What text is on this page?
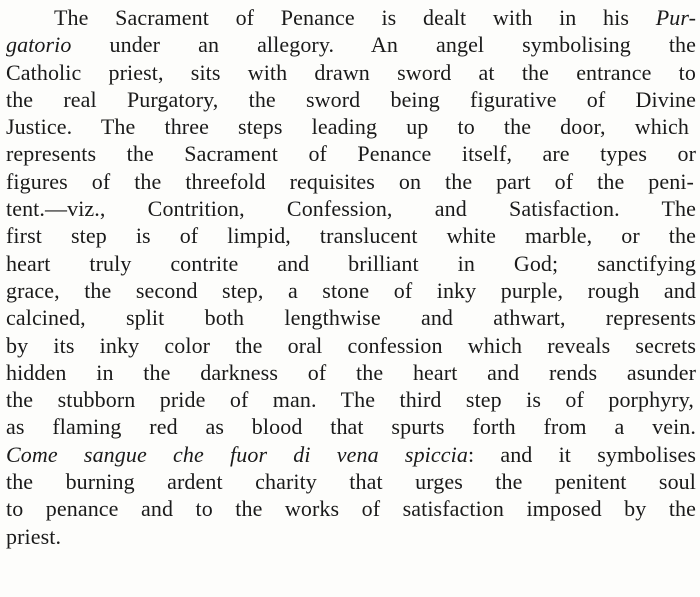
The Sacrament of Penance is dealt with in his Pur-
gatorio under an allegory. An angel symbolising the
Catholic priest, sits with drawn sword at the entrance to
the real Purgatory, the sword being figurative of Divine
Justice. The three steps leading up to the door, which
represents the Sacrament of Penance itself, are types or
figures of the threefold requisites on the part of the peni-
tent.—viz., Contrition, Confession, and Satisfaction. The
first step is of limpid, translucent white marble, or the
heart truly contrite and brilliant in God; sanctifying
grace, the second step, a stone of inky purple, rough and
calcined, split both lengthwise and athwart, represents
by its inky color the oral confession which reveals secrets
hidden in the darkness of the heart and rends asunder
the stubborn pride of man. The third step is of porphyry,
as flaming red as blood that spurts forth from a vein.
Come sangue che fuor di vena spiccia: and it symbolises
the burning ardent charity that urges the penitent soul
to penance and to the works of satisfaction imposed by the
priest.
